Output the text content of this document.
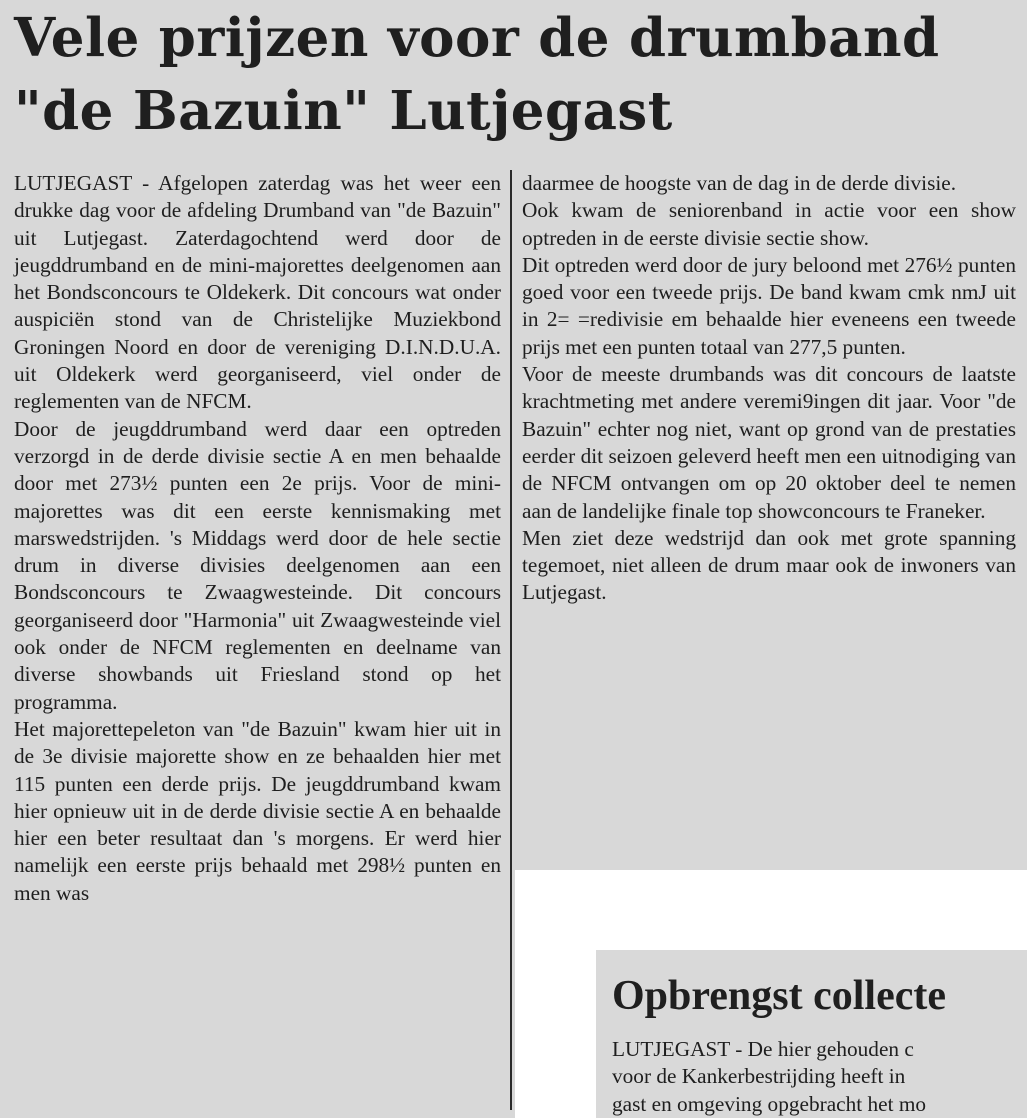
Vele prijzen voor de drumband "de Bazuin" Lutjegast

LUTJEGAST - Afgelopen zaterdag was het weer een drukke dag voor de afdeling Drumband van "de Bazuin" uit Lutjegast. Zaterdagochtend werd door de jeugddrumband en de mini-majorettes deelgenomen aan het Bondsconcours te Oldekerk. Dit concours wat onder auspiciën stond van de Christelijke Muziekbond Groningen Noord en door de vereniging D.I.N.D.U.A. uit Oldekerk werd georganiseerd, viel onder de reglementen van de NFCM.

Door de jeugddrumband werd daar een optreden verzorgd in de derde divisie sectie A en men behaalde door met 273½ punten een 2e prijs. Voor de mini-majorettes was dit een eerste kennismaking met marswedstrijden. 's Middags werd door de hele sectie drum in diverse divisies deelgenomen aan een Bondsconcours te Zwaagwesteinde. Dit concours georganiseerd door "Harmonia" uit Zwaagwesteinde viel ook onder de NFCM reglementen en deelname van diverse showbands uit Friesland stond op het programma.

Het majorettepeleton van "de Bazuin" kwam hier uit in de 3e divisie majorette show en ze behaalden hier met 115 punten een derde prijs. De jeugddrumband kwam hier opnieuw uit in de derde divisie sectie A en behaalde hier een beter resultaat dan 's morgens. Er werd hier namelijk een eerste prijs behaald met 298½ punten en men was

daarmee de hoogste van de dag in de derde divisie.

Ook kwam de seniorenband in actie voor een show optreden in de eerste divisie sectie show.

Dit optreden werd door de jury beloond met 276½ punten goed voor een tweede prijs. De band kwam cmk nmJ uit in 2= =redivisie em behaalde hier eveneens een tweede prijs met een punten totaal van 277,5 punten.

Voor de meeste drumbands was dit concours de laatste krachtmeting met andere veremi9ingen dit jaar. Voor "de Bazuin" echter nog niet, want op grond van de prestaties eerder dit seizoen geleverd heeft men een uitnodiging van de NFCM ontvangen om op 20 oktober deel te nemen aan de landelijke finale top showconcours te Franeker.

Men ziet deze wedstrijd dan ook met grote spanning tegemoet, niet alleen de drum maar ook de inwoners van Lutjegast.

Opbrengst collecte
LUTJEGAST - De hier gehouden c
voor de Kankerbestrijding heeft in
gast en omgeving opgebracht het mo
